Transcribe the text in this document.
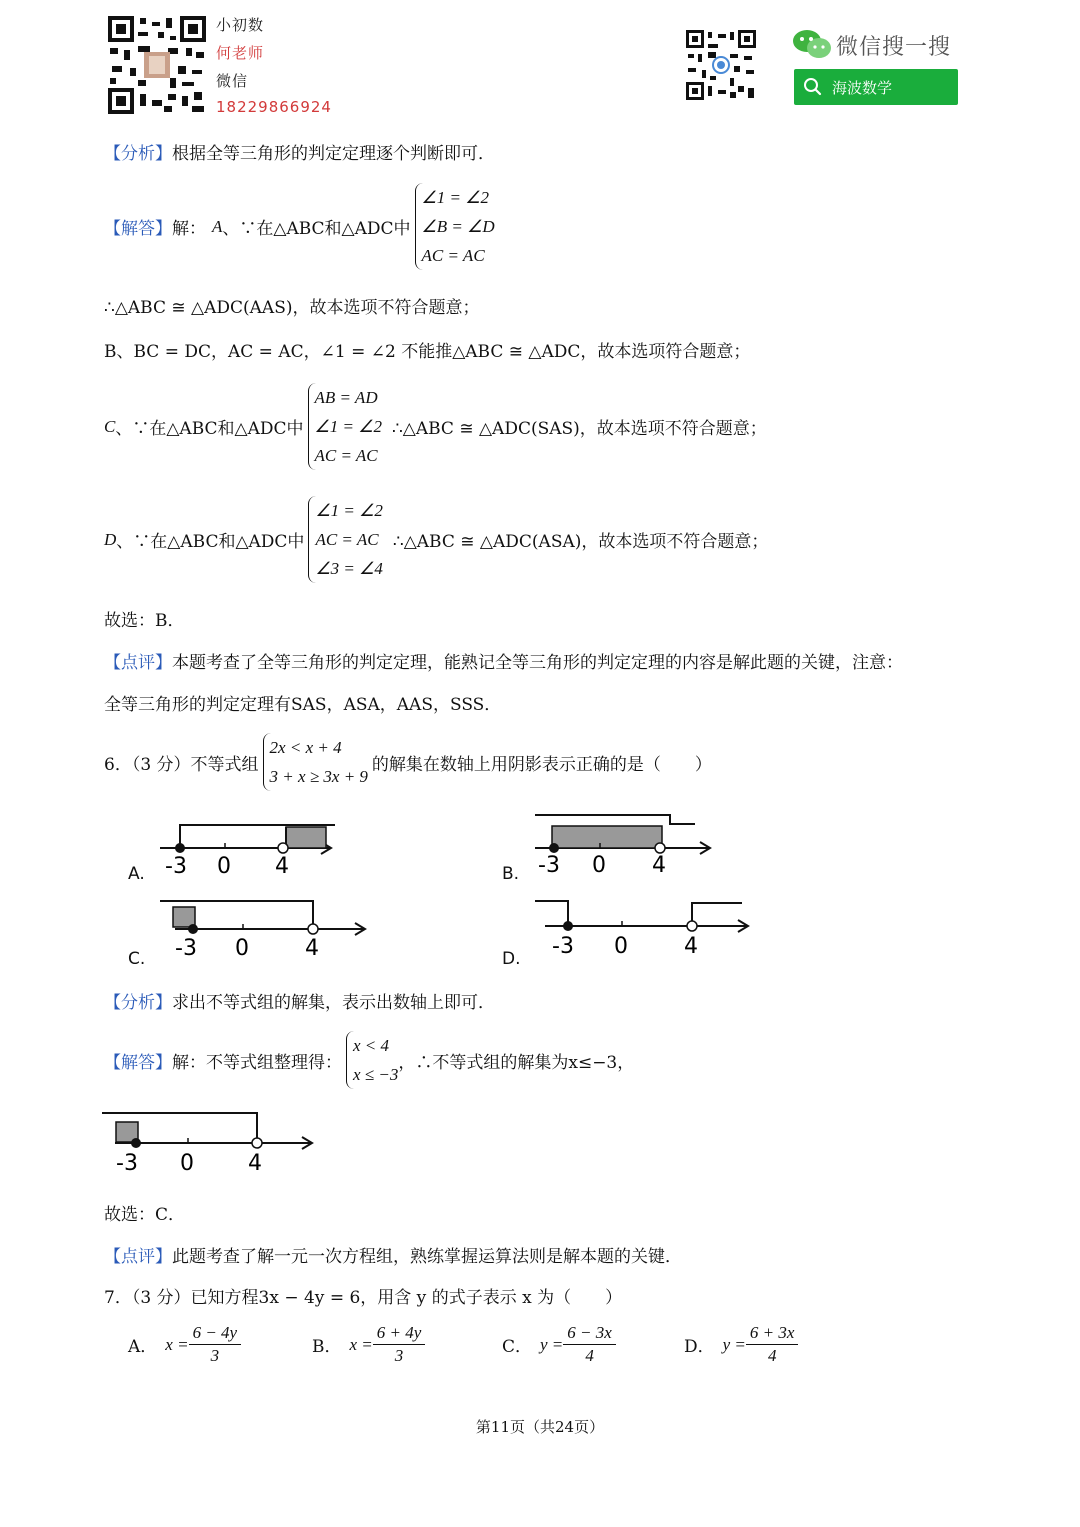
小初数
何老师
微信
18229866924
微信搜一搜
海波数学
【分析】根据全等三角形的判定定理逐个判断即可．
【解答】 解： A 、∵在△ABC和△ADC中
∠1 = ∠2
∠B = ∠D
AC = AC
∴△ABC ≅ △ADC(AAS)，故本选项不符合题意；
B、BC = DC，AC = AC，∠1 = ∠2 不能推△ABC ≅ △ADC，故本选项符合题意；
C 、∵在△ABC和△ADC中
AB = AD
∠1 = ∠2
AC = AC
∴△ABC ≅ △ADC(SAS)，故本选项不符合题意；
D 、∵在△ABC和△ADC中
∠1 = ∠2
AC = AC
∠3 = ∠4
∴△ABC ≅ △ADC(ASA)，故本选项不符合题意；
故选：B．
【点评】本题考查了全等三角形的判定定理，能熟记全等三角形的判定定理的内容是解此题的关键，注意：
全等三角形的判定定理有SAS，ASA，AAS，SSS．
6．（3 分）不等式组
2x < x + 4
3 + x ≥ 3x + 9
的解集在数轴上用阴影表示正确的是（　　）
A. -3 0 4	B. -3 0 4
C. -3 0	4	D. -3 0	4
【分析】求出不等式组的解集，表示出数轴上即可．
【解答】 解：不等式组整理得：
x < 4
x ≤ −3
，∴不等式组的解集为x≤−3，
-3 0 4
故选：C．
【点评】此题考查了解一元一次方程组，熟练掌握运算法则是解本题的关键．
7．（3 分）已知方程3x − 4y = 6，用含 y 的式子表示 x 为（　　）
A． $x = \frac{6 - 4y}{3}$	B． $x = \frac{6 + 4y}{3}$	C． $y = \frac{6 - 3x}{4}$	D． $y = \frac{6 + 3x}{4}$
第11页（共24页）
